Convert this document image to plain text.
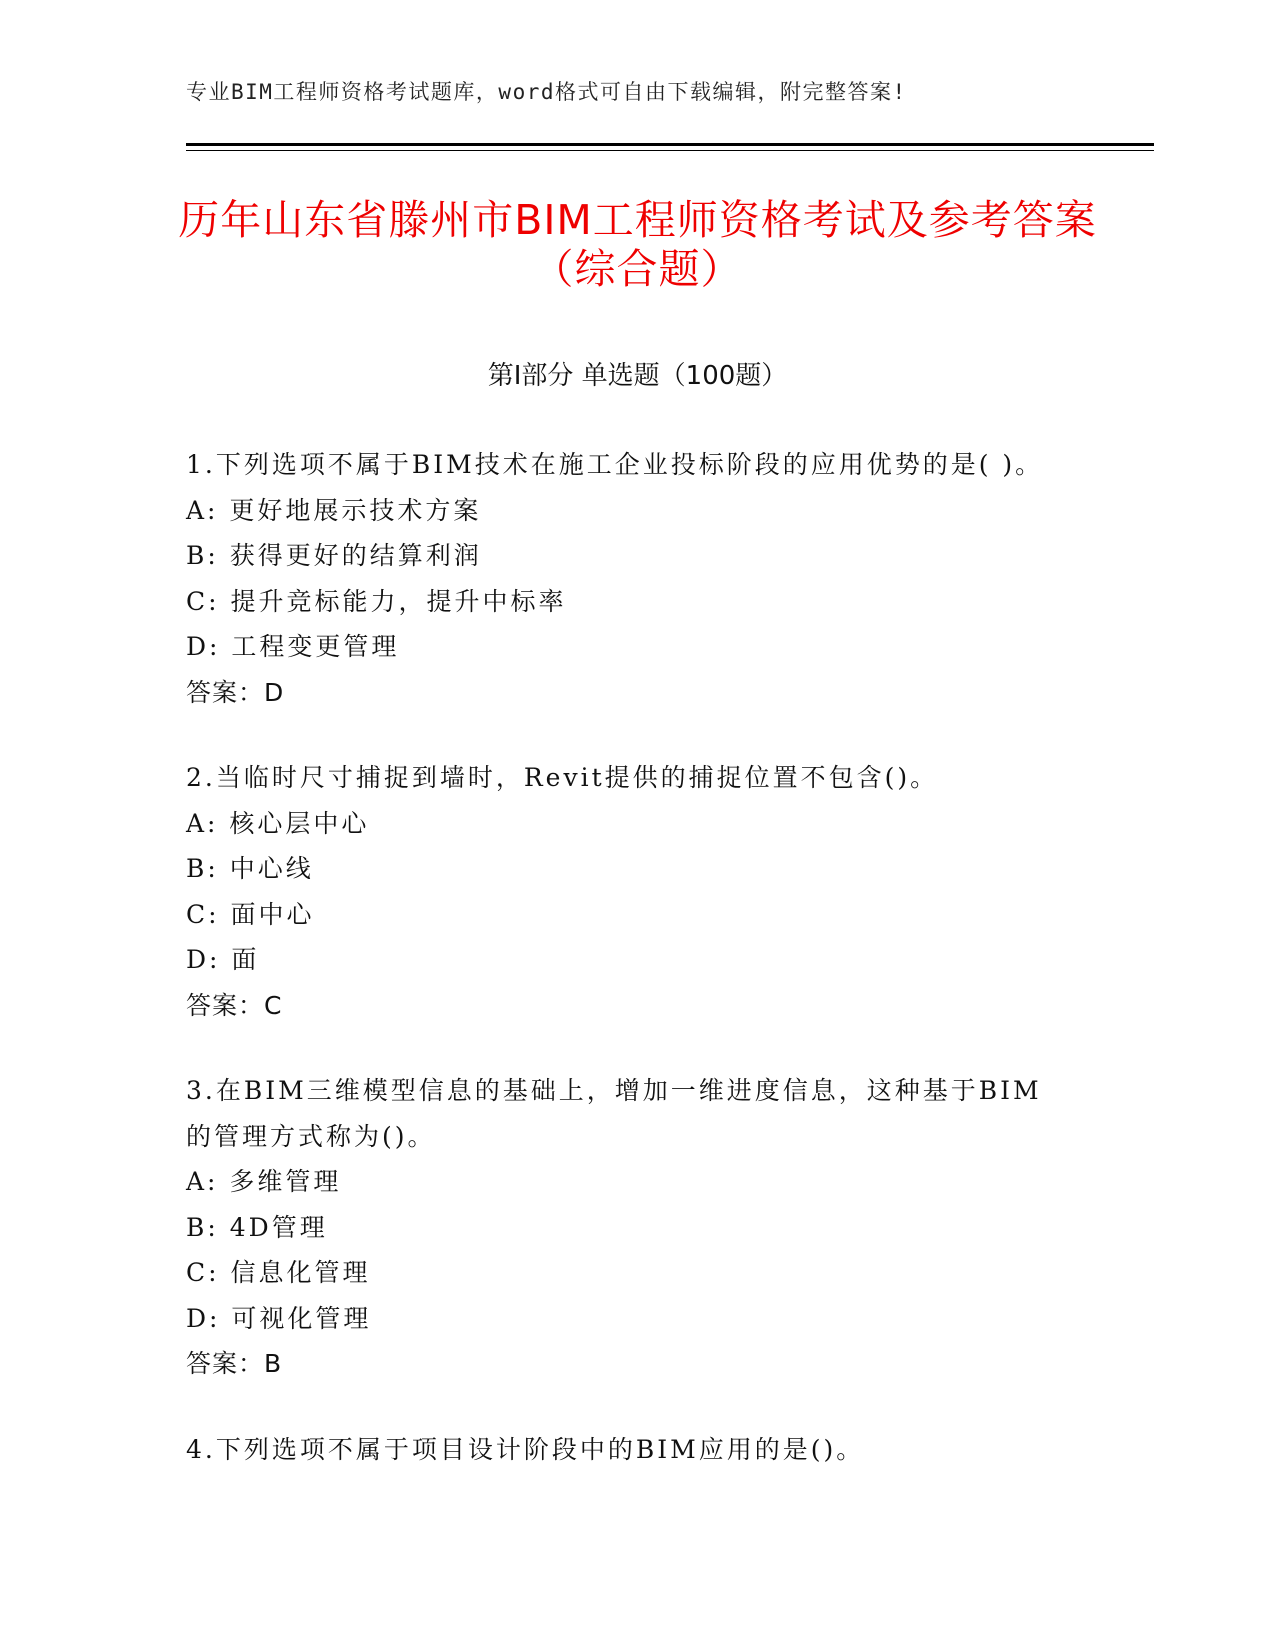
专业BIM工程师资格考试题库，word格式可自由下载编辑，附完整答案!
历年山东省滕州市BIM工程师资格考试及参考答案（综合题）
第Ⅰ部分 单选题（100题）
1.下列选项不属于BIM技术在施工企业投标阶段的应用优势的是( )。
A: 更好地展示技术方案
B: 获得更好的结算利润
C: 提升竞标能力，提升中标率
D: 工程变更管理
答案：D
2.当临时尺寸捕捉到墙时，Revit提供的捕捉位置不包含()。
A: 核心层中心
B: 中心线
C: 面中心
D: 面
答案：C
3.在BIM三维模型信息的基础上，增加一维进度信息，这种基于BIM的管理方式称为()。
A: 多维管理
B: 4D管理
C: 信息化管理
D: 可视化管理
答案：B
4.下列选项不属于项目设计阶段中的BIM应用的是()。
